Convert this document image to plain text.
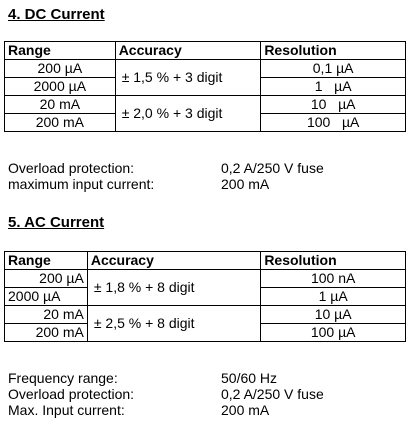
4. DC Current
Range	Accuracy	Resolution
200 µA	± 1,5 % + 3 digit	0,1 µA
2000 µA		1   µA
20 mA	± 2,0 % + 3 digit	10   µA
200 mA		100   µA
Overload protection:	0,2 A/250 V fuse
maximum input current:	200 mA
5. AC Current
Range	Accuracy	Resolution
200 µA	± 1,8 % + 8 digit	100 nA
2000 µA		1 µA
20 mA	± 2,5 % + 8 digit	10 µA
200 mA		100 µA
Frequency range:	50/60 Hz
Overload protection:	0,2 A/250 V fuse
Max. Input current:	200 mA
